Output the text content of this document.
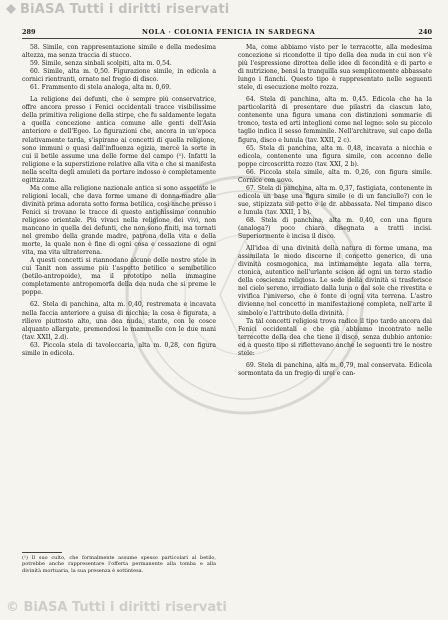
BiASA Tutti i diritti riservati
289	NOLA · COLONIA FENICIA IN SARDEGNA	240

58. Simile, con rappresentazione simile e della medesima altezza, ma senza traccia di stucco.

59. Simile, senza sinbali scolpiti, alta m. 0,54.

60. Simile, alta m. 0,50. Figurazione simile, in edicola a cornici rientranti, ornato nel fregio di disco.

61. Frammento di stela analoga, alta m. 0,69.

La religione dei defunti, che è sempre più conservatrice, offre ancora presso i Fenici occidentali tracce visibilissime della primitiva religione della stirpe, che fu saldamente legata a quella concezione antica comune alle genti dell'Asia anteriore e dell'Egeo. Lo figurazioni che, ancora in un'epoca relativamente tarda, s'ispirano ai concetti di quella religione, sono immuni o quasi dall'influenza egizia, mercè la sorte in cui il betile assume una delle forme del campo (¹). Infatti la religione e la superstizione relative alla vita e che si manifesta nella scelta degli amuleti da portare indosso è completamente egittizzata.

Ma come alla religione nazionale antica si sono associate le religioni locali, che dava forme umane di donna-madre alla divinità prima adorata sotto forma betilica, così anche presso i Fenici si trovano le tracce di questo antichissimo connubio religioso orientale. Più vivaci nella religione dei vivi, non mancano in quella dei defunti, che non sono finiti, ma tornati nel grembo della grande madre, patrona della vita e della morte, la quale non è fine di ogni cosa e cessazione di ogni vita, ma vita ultraterrena.

A questi concetti si riannodano alcune delle nostre stele in cui Tanit non assume più l'aspetto betilico e semibetilico (betilo-antropoide), ma il prototipo nella immagine completamente antropomorfa della dea nuda che si preme le poppe.

62. Stela di panchina, alta m. 0,40, restremata e incavata nella faccia anteriore a guisa di nicchia; la cosa è figurata, a rilievo piuttosto alto, una dea nuda, stante, con le cosce alquanto allargate, premendosi le mammelle con le due mani (tav. XXII, 2.d).

63. Piccola stela di tavoleccaria, alta m. 0,28, con figura simile in edicola.

(¹) Il suo culto, che formalmente assume spesso particolari al betilo, potrebbe anche rappresentare l'offerta permanente alla tomba e alla divinità mortuaria, la sua presenza è sottintesa.

Ma, come abbiamo visto per le terracotte, alla medesima concezione si ricondotte il tipo della dea nuda in cui non v'è più l'espressione dirottea delle idee di fecondità e di parto e di nutrizione, bensì la tranquilla sua semplicemente abbassate lungo i fianchi. Questo tipo è rappresentato nelle seguenti stele, di esecuzione molto rozza.

64. Stela di panchina, alta m. 0,45. Edicola che ha la particolarità di presentare due pilastri da ciascun lato, contenente una figura umana con distinzioni sommarie di tronco, testa ed arti integlioni come nel legno: solo su piccolo taglio indica il sesso femminile. Nell'architrave, sul capo della figura, disco e lunula (tav. XXII, 2 c).

65. Stela di panchina, alta m. 0,48, incavata a nicchia e edicola, contenente una figura simile, con accenno delle poppe circoscritta rozzo (tav. XXI, 2 b).

66. Piccola stela simile, alta m. 0,26, con figura simile. Cornice con uovo.

67. Stela di panchina, alta m. 0,37, fastigiata, contenente in edicola un base una figura simile (e di un fanciullo?) con le sue, stipizzata sul petto e le dr. abbassata. Nel timpano disco e lunula (tav. XXII, 1 b).

68. Stela di panchina, alta m. 0,40, con una figura (analoga?) poco chiara disegnata a tratti incisi. Superiormente è incisa il disco.

All'idea di una divinità della natura di forme umana, ma assimilata le modo discerne il concetto generico, di una divinità cosmogonica, ma intimamente legata alla terra, ctonica, autentico nell'urlante scison ad ogni un terzo stadio della coscienza religiosa. Le sede della divinità si trasferisce nel cielo sereno, irradiato dalla luna o dal sole che rivestita e vivifica l'universo, che è fonte di ogni vita terrena. L'astro divienne nel concetto in manifestazione completa, nell'arte il simbolo e l'attributo della divinità.

Ta tal concetti religiosi trova radice il tipo tardo ancora dai Fenici occidentali e che già abbiamo incontrato nelle terrecotte della dea che tiene il disco, senza dubbio antonio: ed a questo tipo si riflettevano anche le seguenti tre le nostre stele:

69. Stela di panchina, alta m. 0,79, mal conservata. Edicola sormontata da un fregio di urei e can-

© BiASA Tutti i diritti riservati
